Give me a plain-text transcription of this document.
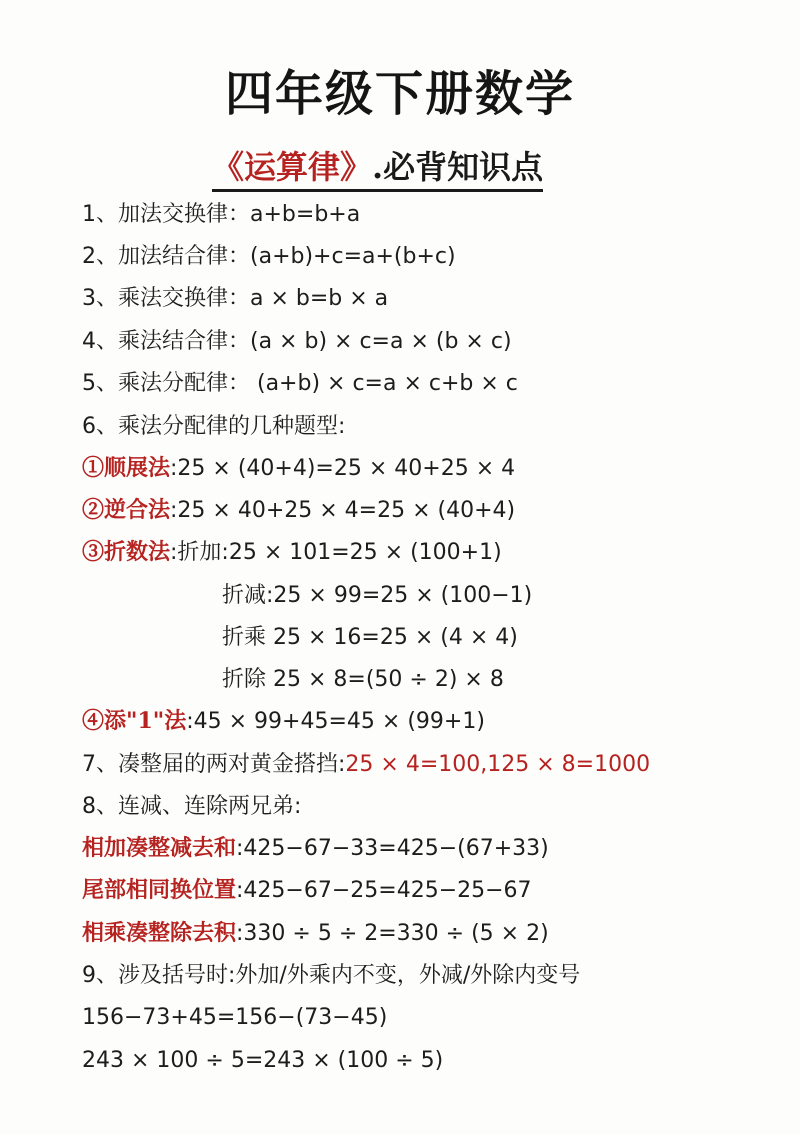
四年级下册数学
《运算律》.必背知识点
1、加法交换律：a+b=b+a
2、加法结合律：(a+b)+c=a+(b+c)
3、乘法交换律：a × b=b × a
4、乘法结合律：(a × b) × c=a × (b × c)
5、乘法分配律： (a+b) × c=a × c+b × c
6、乘法分配律的几种题型:
①顺展法:25 × (40+4)=25 × 40+25 × 4
②逆合法:25 × 40+25 × 4=25 × (40+4)
③折数法:折加:25 × 101=25 × (100+1)
折减:25 × 99=25 × (100−1)
折乘 25 × 16=25 × (4 × 4)
折除 25 × 8=(50 ÷ 2) × 8
④添"1"法:45 × 99+45=45 × (99+1)
7、凑整届的两对黄金搭挡:25 × 4=100,125 × 8=1000
8、连减、连除两兄弟:
相加凑整减去和:425−67−33=425−(67+33)
尾部相同换位置:425−67−25=425−25−67
相乘凑整除去积:330 ÷ 5 ÷ 2=330 ÷ (5 × 2)
9、涉及括号时:外加/外乘内不变，外减/外除内变号
156−73+45=156−(73−45)
243 × 100 ÷ 5=243 × (100 ÷ 5)
